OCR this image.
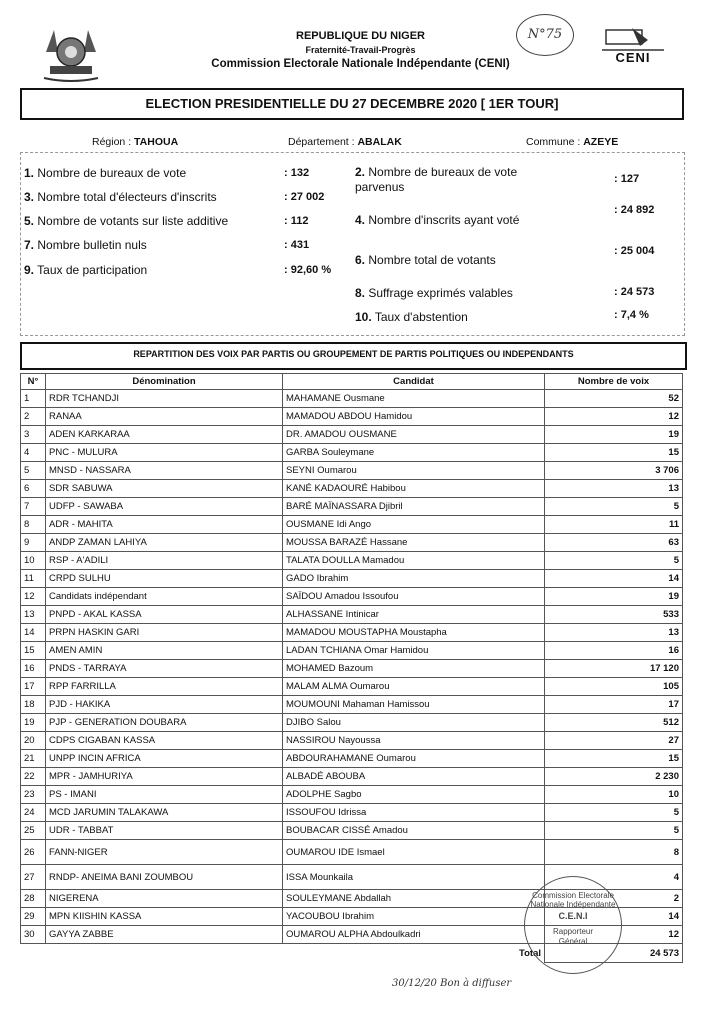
REPUBLIQUE DU NIGER
Fraternité-Travail-Progrès
Commission Electorale Nationale Indépendante (CENI)
N°75
CENI
ELECTION PRESIDENTIELLE DU 27 DECEMBRE 2020 [ 1ER TOUR]
Région : TAHOUA	Département : ABALAK	Commune : AZEYE
1. Nombre de bureaux de vote	: 132
3. Nombre total d'électeurs d'inscrits	: 27 002
5. Nombre de votants sur liste additive	: 112
7. Nombre bulletin nuls	: 431
9. Taux de participation	: 92,60 %
2. Nombre de bureaux de vote parvenus
: 127
4. Nombre d'inscrits ayant voté
: 24 892
6. Nombre total de votants
: 25 004
8. Suffrage exprimés valables	: 24 573
10. Taux d'abstention	: 7,4 %
REPARTITION DES VOIX PAR PARTIS OU GROUPEMENT DE PARTIS POLITIQUES OU INDEPENDANTS
N°	Dénomination	Candidat	Nombre de voix
1	RDR TCHANDJI	MAHAMANE Ousmane	52
2	RANAA	MAMADOU ABDOU Hamidou	12
3	ADEN KARKARAA	DR. AMADOU OUSMANE	19
4	PNC - MULURA	GARBA Souleymane	15
5	MNSD - NASSARA	SEYNI Oumarou	3 706
6	SDR SABUWA	KANÉ KADAOURÉ Habibou	13
7	UDFP - SAWABA	BARÉ MAÏNASSARA Djibril	5
8	ADR - MAHITA	OUSMANE Idi Ango	11
9	ANDP ZAMAN LAHIYA	MOUSSA BARAZÉ Hassane	63
10	RSP - A'ADILI	TALATA DOULLA Mamadou	5
11	CRPD SULHU	GADO Ibrahim	14
12	Candidats indépendant	SAÏDOU Amadou Issoufou	19
13	PNPD - AKAL KASSA	ALHASSANE Intinicar	533
14	PRPN HASKIN GARI	MAMADOU MOUSTAPHA Moustapha	13
15	AMEN AMIN	LADAN TCHIANA Omar Hamidou	16
16	PNDS - TARRAYA	MOHAMED Bazoum	17 120
17	RPP FARRILLA	MALAM ALMA Oumarou	105
18	PJD - HAKIKA	MOUMOUNI Mahaman Hamissou	17
19	PJP - GENERATION DOUBARA	DJIBO Salou	512
20	CDPS CIGABAN KASSA	NASSIROU Nayoussa	27
21	UNPP INCIN AFRICA	ABDOURAHAMANE Oumarou	15
22	MPR - JAMHURIYA	ALBADÉ ABOUBA	2 230
23	PS - IMANI	ADOLPHE Sagbo	10
24	MCD JARUMIN TALAKAWA	ISSOUFOU Idrissa	5
25	UDR - TABBAT	BOUBACAR CISSÉ Amadou	5
26	FANN-NIGER	OUMAROU IDE Ismael	8
27	RNDP- ANEIMA BANI ZOUMBOU	ISSA Mounkaila	4
28	NIGERENA	SOULEYMANE Abdallah	2
29	MPN KIISHIN KASSA	YACOUBOU Ibrahim	14
30	GAYYA ZABBE	OUMAROU ALPHA Abdoulkadri	12
		Total	24 573
Commission Electorale Nationale Indépendante
C.E.N.I
Rapporteur
Général
30/12/20 Bon à diffuser
